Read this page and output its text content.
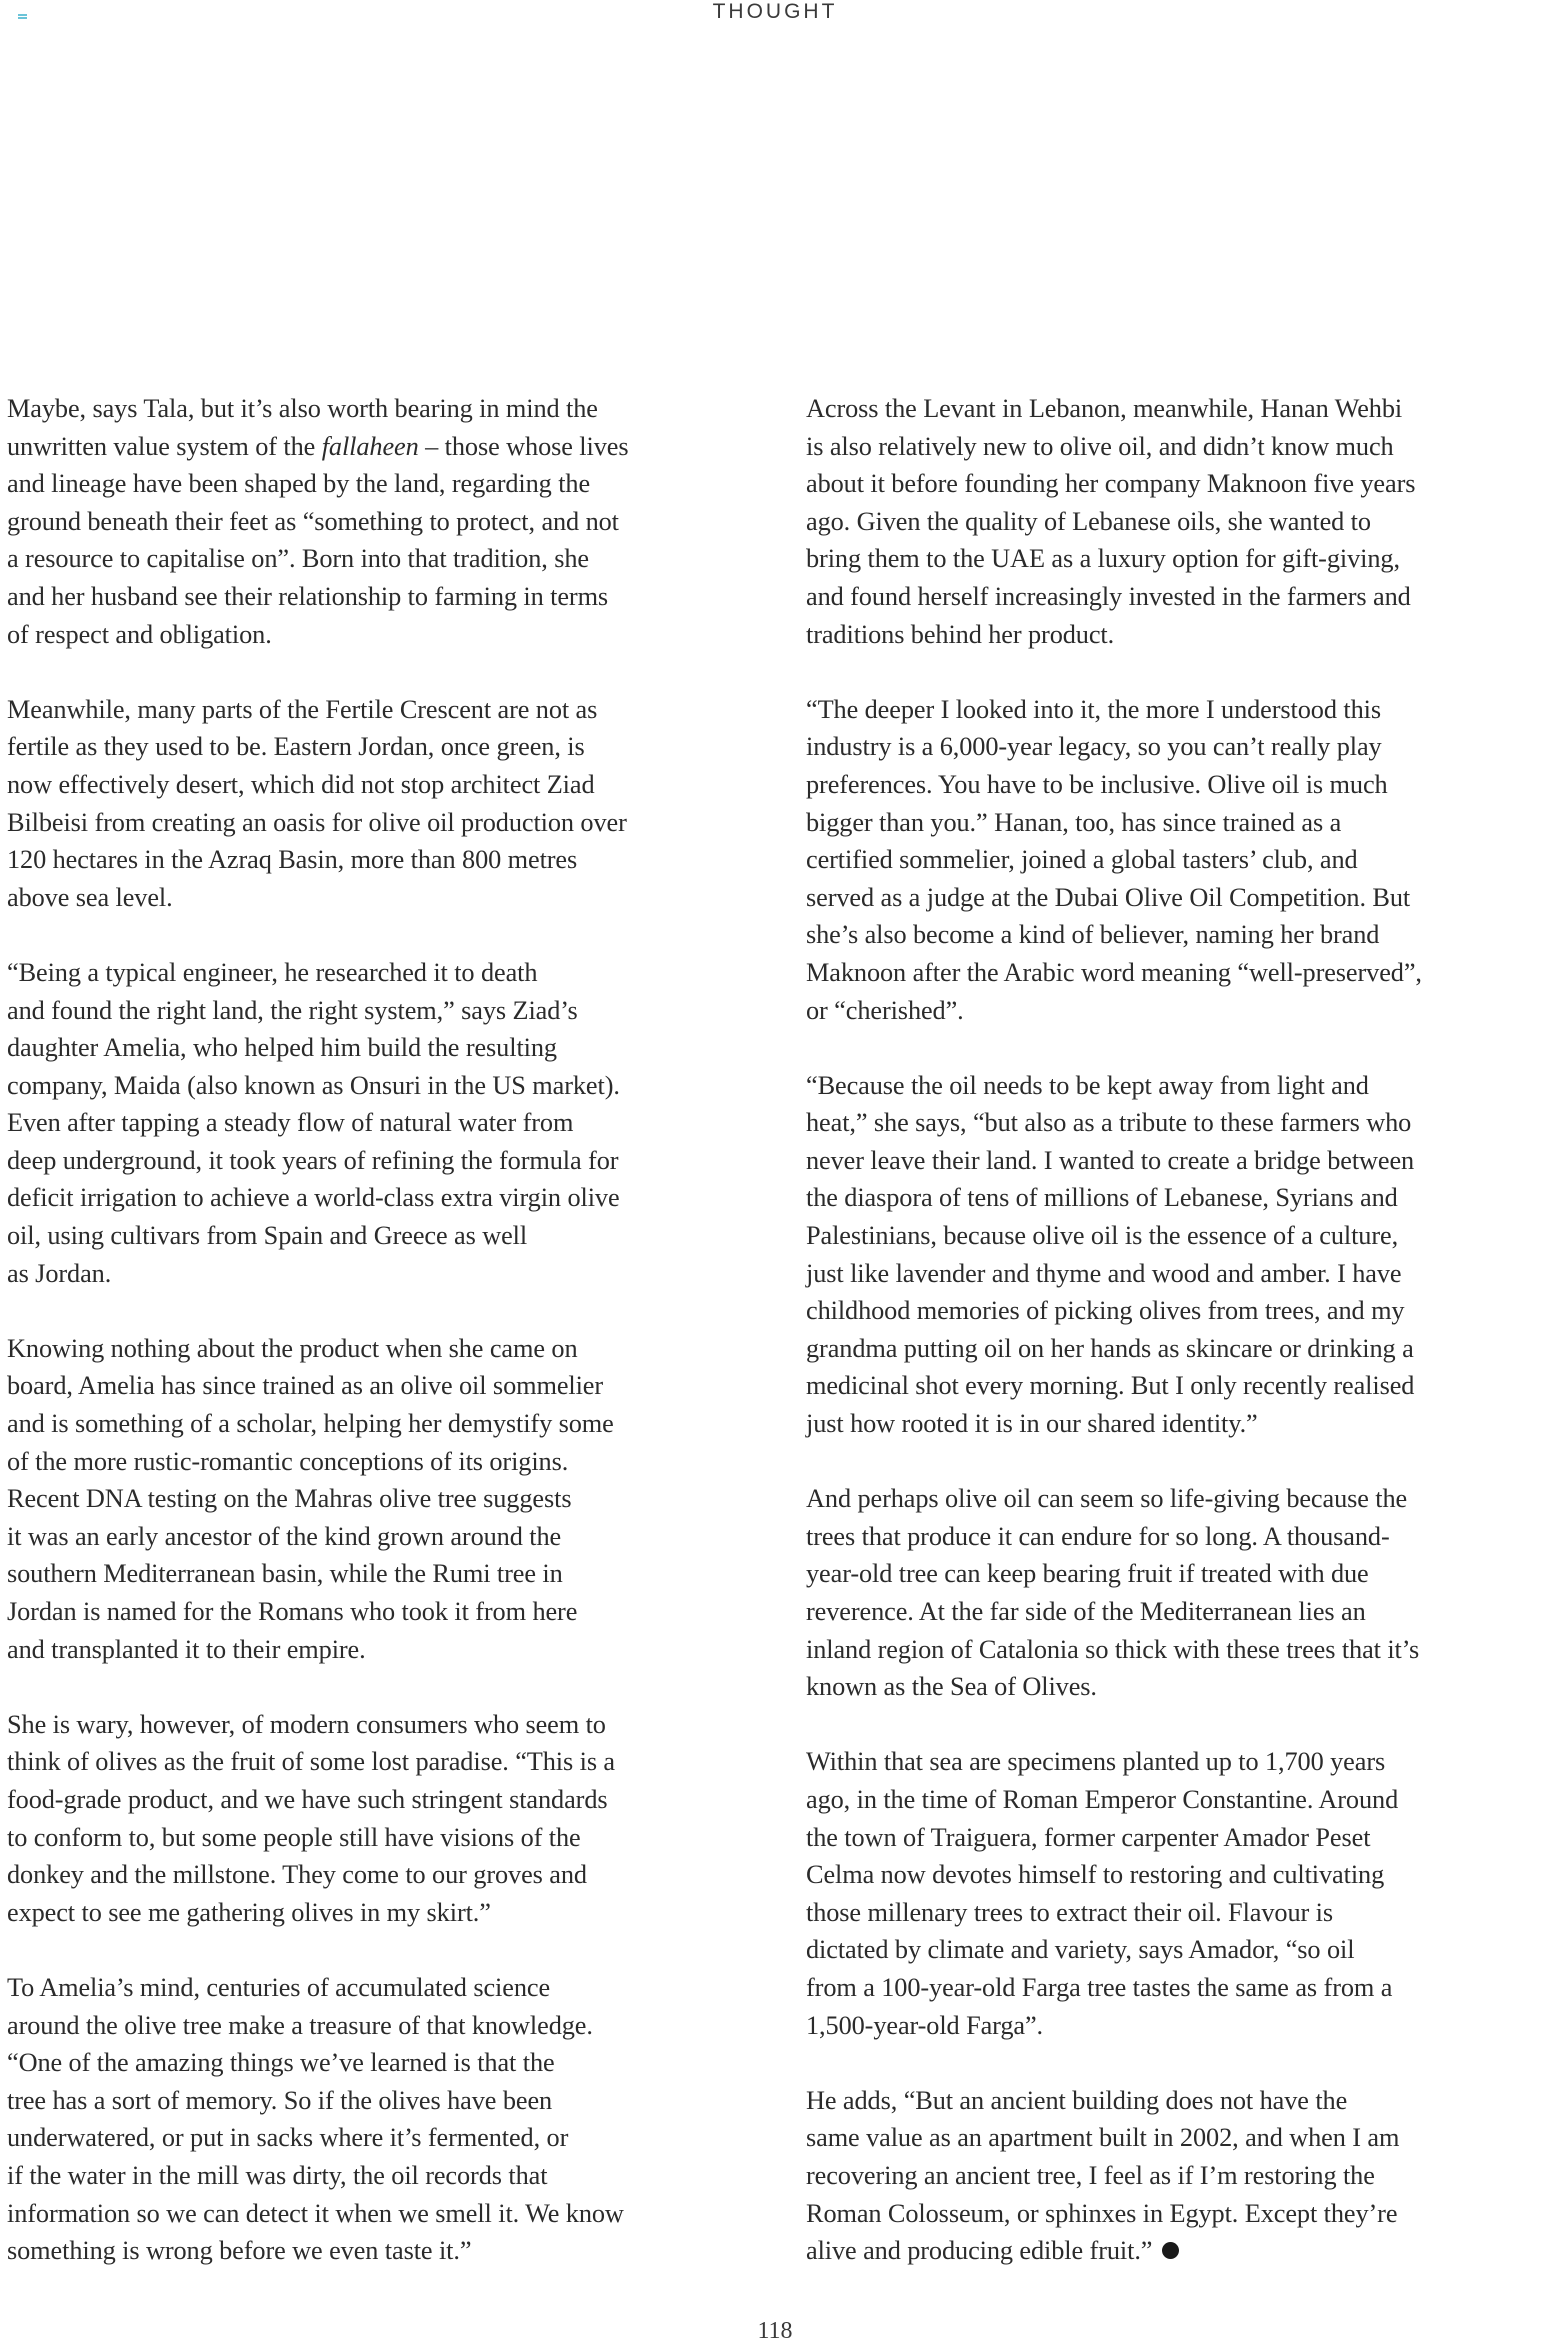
THOUGHT

Maybe, says Tala, but it’s also worth bearing in mind the
unwritten value system of the fallaheen – those whose lives
and lineage have been shaped by the land, regarding the
ground beneath their feet as “something to protect, and not
a resource to capitalise on”. Born into that tradition, she
and her husband see their relationship to farming in terms
of respect and obligation.

Meanwhile, many parts of the Fertile Crescent are not as
fertile as they used to be. Eastern Jordan, once green, is
now effectively desert, which did not stop architect Ziad
Bilbeisi from creating an oasis for olive oil production over
120 hectares in the Azraq Basin, more than 800 metres
above sea level.

“Being a typical engineer, he researched it to death
and found the right land, the right system,” says Ziad’s
daughter Amelia, who helped him build the resulting
company, Maida (also known as Onsuri in the US market).
Even after tapping a steady flow of natural water from
deep underground, it took years of refining the formula for
deficit irrigation to achieve a world-class extra virgin olive
oil, using cultivars from Spain and Greece as well
as Jordan.

Knowing nothing about the product when she came on
board, Amelia has since trained as an olive oil sommelier
and is something of a scholar, helping her demystify some
of the more rustic-romantic conceptions of its origins.
Recent DNA testing on the Mahras olive tree suggests
it was an early ancestor of the kind grown around the
southern Mediterranean basin, while the Rumi tree in
Jordan is named for the Romans who took it from here
and transplanted it to their empire.

She is wary, however, of modern consumers who seem to
think of olives as the fruit of some lost paradise. “This is a
food-grade product, and we have such stringent standards
to conform to, but some people still have visions of the
donkey and the millstone. They come to our groves and
expect to see me gathering olives in my skirt.”

To Amelia’s mind, centuries of accumulated science
around the olive tree make a treasure of that knowledge.
“One of the amazing things we’ve learned is that the
tree has a sort of memory. So if the olives have been
underwatered, or put in sacks where it’s fermented, or
if the water in the mill was dirty, the oil records that
information so we can detect it when we smell it. We know
something is wrong before we even taste it.”

Across the Levant in Lebanon, meanwhile, Hanan Wehbi
is also relatively new to olive oil, and didn’t know much
about it before founding her company Maknoon five years
ago. Given the quality of Lebanese oils, she wanted to
bring them to the UAE as a luxury option for gift-giving,
and found herself increasingly invested in the farmers and
traditions behind her product.

“The deeper I looked into it, the more I understood this
industry is a 6,000-year legacy, so you can’t really play
preferences. You have to be inclusive. Olive oil is much
bigger than you.” Hanan, too, has since trained as a
certified sommelier, joined a global tasters’ club, and
served as a judge at the Dubai Olive Oil Competition. But
she’s also become a kind of believer, naming her brand
Maknoon after the Arabic word meaning “well-preserved”,
or “cherished”.

“Because the oil needs to be kept away from light and
heat,” she says, “but also as a tribute to these farmers who
never leave their land. I wanted to create a bridge between
the diaspora of tens of millions of Lebanese, Syrians and
Palestinians, because olive oil is the essence of a culture,
just like lavender and thyme and wood and amber. I have
childhood memories of picking olives from trees, and my
grandma putting oil on her hands as skincare or drinking a
medicinal shot every morning. But I only recently realised
just how rooted it is in our shared identity.”

And perhaps olive oil can seem so life-giving because the
trees that produce it can endure for so long. A thousand-
year-old tree can keep bearing fruit if treated with due
reverence. At the far side of the Mediterranean lies an
inland region of Catalonia so thick with these trees that it’s
known as the Sea of Olives.

Within that sea are specimens planted up to 1,700 years
ago, in the time of Roman Emperor Constantine. Around
the town of Traiguera, former carpenter Amador Peset
Celma now devotes himself to restoring and cultivating
those millenary trees to extract their oil. Flavour is
dictated by climate and variety, says Amador, “so oil
from a 100-year-old Farga tree tastes the same as from a
1,500-year-old Farga”.

He adds, “But an ancient building does not have the
same value as an apartment built in 2002, and when I am
recovering an ancient tree, I feel as if I’m restoring the
Roman Colosseum, or sphinxes in Egypt. Except they’re
alive and producing edible fruit.”

118
